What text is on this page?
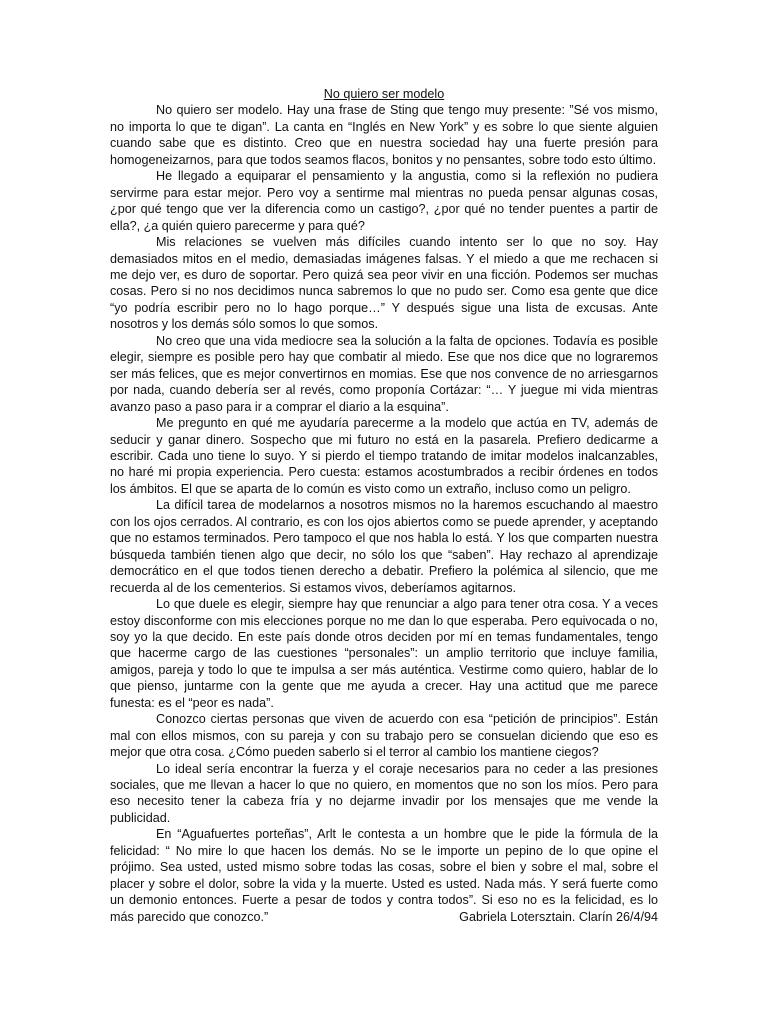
No quiero ser modelo

No quiero ser modelo. Hay una frase de Sting que tengo muy presente: ”Sé vos mismo, no importa lo que te digan”. La canta en “Inglés en New York” y es sobre lo que siente alguien cuando sabe que es distinto. Creo que en nuestra sociedad hay una fuerte presión para homogeneizarnos, para que todos seamos flacos, bonitos y no pensantes, sobre todo esto último.

He llegado a equiparar el pensamiento y la angustia, como si la reflexión no pudiera servirme para estar mejor. Pero voy a sentirme mal mientras no pueda pensar algunas cosas, ¿por qué tengo que ver la diferencia como un castigo?, ¿por qué no tender puentes a partir de ella?, ¿a quién quiero parecerme y para qué?

Mis relaciones se vuelven más difíciles cuando intento ser lo que no soy. Hay demasiados mitos en el medio, demasiadas imágenes falsas. Y el miedo a que me rechacen si me dejo ver, es duro de soportar. Pero quizá sea peor vivir en una ficción. Podemos ser muchas cosas. Pero si no nos decidimos nunca sabremos lo que no pudo ser. Como esa gente que dice “yo podría escribir pero no lo hago porque…” Y después sigue una lista de excusas. Ante nosotros y los demás sólo somos lo que somos.

No creo que una vida mediocre sea la solución a la falta de opciones. Todavía es posible elegir, siempre es posible pero hay que combatir al miedo. Ese que nos dice que no lograremos ser más felices, que es mejor convertirnos en momias. Ese que nos convence de no arriesgarnos por nada, cuando debería ser al revés, como proponía Cortázar: “… Y juegue mi vida mientras avanzo paso a paso para ir a comprar el diario a la esquina”.

Me pregunto en qué me ayudaría parecerme a la modelo que actúa en TV, además de seducir y ganar dinero. Sospecho que mi futuro no está en la pasarela. Prefiero dedicarme a escribir. Cada uno tiene lo suyo. Y si pierdo el tiempo tratando de imitar modelos inalcanzables, no haré mi propia experiencia. Pero cuesta: estamos acostumbrados a recibir órdenes en todos los ámbitos. El que se aparta de lo común es visto como un extraño, incluso como un peligro.

La difícil tarea de modelarnos a nosotros mismos no la haremos escuchando al maestro con los ojos cerrados. Al contrario, es con los ojos abiertos como se puede aprender, y aceptando que no estamos terminados. Pero tampoco el que nos habla lo está. Y los que comparten nuestra búsqueda también tienen algo que decir, no sólo los que “saben”. Hay rechazo al aprendizaje democrático en el que todos tienen derecho a debatir. Prefiero la polémica al silencio, que me recuerda al de los cementerios. Si estamos vivos, deberíamos agitarnos.

Lo que duele es elegir, siempre hay que renunciar a algo para tener otra cosa. Y a veces estoy disconforme con mis elecciones porque no me dan lo que esperaba. Pero equivocada o no, soy yo la que decido. En este país donde otros deciden por mí en temas fundamentales, tengo que hacerme cargo de las cuestiones “personales”: un amplio territorio que incluye familia, amigos, pareja y todo lo que te impulsa a ser más auténtica. Vestirme como quiero, hablar de lo que pienso, juntarme con la gente que me ayuda a crecer. Hay una actitud que me parece funesta: es el “peor es nada”.

Conozco ciertas personas que viven de acuerdo con esa “petición de principios”. Están mal con ellos mismos, con su pareja y con su trabajo pero se consuelan diciendo que eso es mejor que otra cosa. ¿Cómo pueden saberlo si el terror al cambio los mantiene ciegos?

Lo ideal sería encontrar la fuerza y el coraje necesarios para no ceder a las presiones sociales, que me llevan a hacer lo que no quiero, en momentos que no son los míos. Pero para eso necesito tener la cabeza fría y no dejarme invadir por los mensajes que me vende la publicidad.

En “Aguafuertes porteñas”, Arlt le contesta a un hombre que le pide la fórmula de la felicidad: “ No mire lo que hacen los demás. No se le importe un pepino de lo que opine el prójimo. Sea usted, usted mismo sobre todas las cosas, sobre el bien y sobre el mal, sobre el placer y sobre el dolor, sobre la vida y la muerte. Usted es usted. Nada más. Y será fuerte como un demonio entonces. Fuerte a pesar de todos y contra todos”. Si eso no es la felicidad, es lo más parecido que conozco.”	Gabriela Lotersztain. Clarín 26/4/94
